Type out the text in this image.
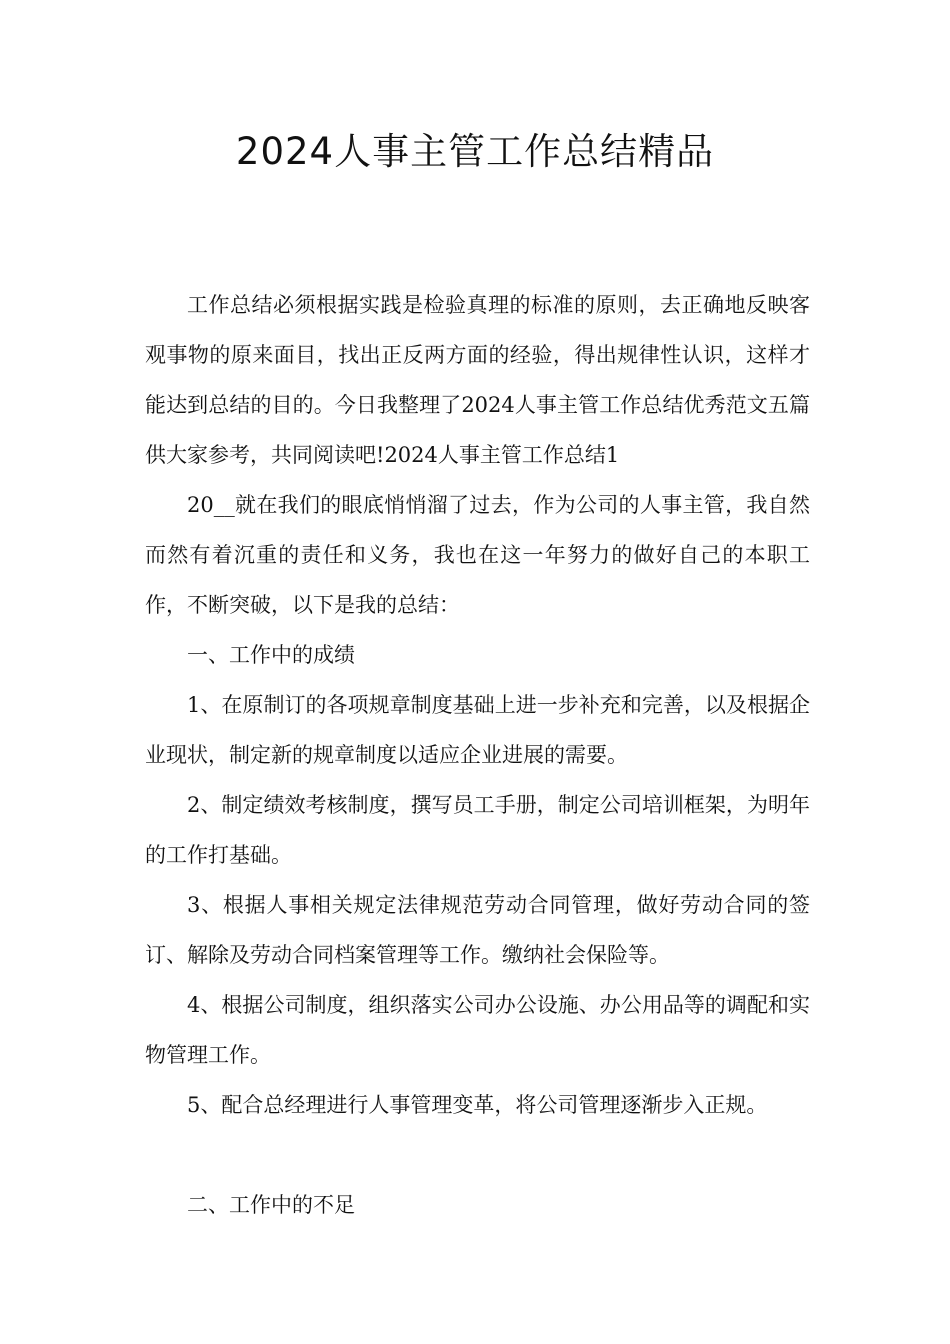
2024人事主管工作总结精品

工作总结必须根据实践是检验真理的标准的原则，去正确地反映客观事物的原来面目，找出正反两方面的经验，得出规律性认识，这样才能达到总结的目的。今日我整理了2024人事主管工作总结优秀范文五篇供大家参考，共同阅读吧!2024人事主管工作总结1

20__就在我们的眼底悄悄溜了过去，作为公司的人事主管，我自然而然有着沉重的责任和义务，我也在这一年努力的做好自己的本职工作，不断突破，以下是我的总结：

一、工作中的成绩

1、在原制订的各项规章制度基础上进一步补充和完善，以及根据企业现状，制定新的规章制度以适应企业进展的需要。

2、制定绩效考核制度，撰写员工手册，制定公司培训框架，为明年的工作打基础。

3、根据人事相关规定法律规范劳动合同管理，做好劳动合同的签订、解除及劳动合同档案管理等工作。缴纳社会保险等。

4、根据公司制度，组织落实公司办公设施、办公用品等的调配和实物管理工作。

5、配合总经理进行人事管理变革，将公司管理逐渐步入正规。

二、工作中的不足
